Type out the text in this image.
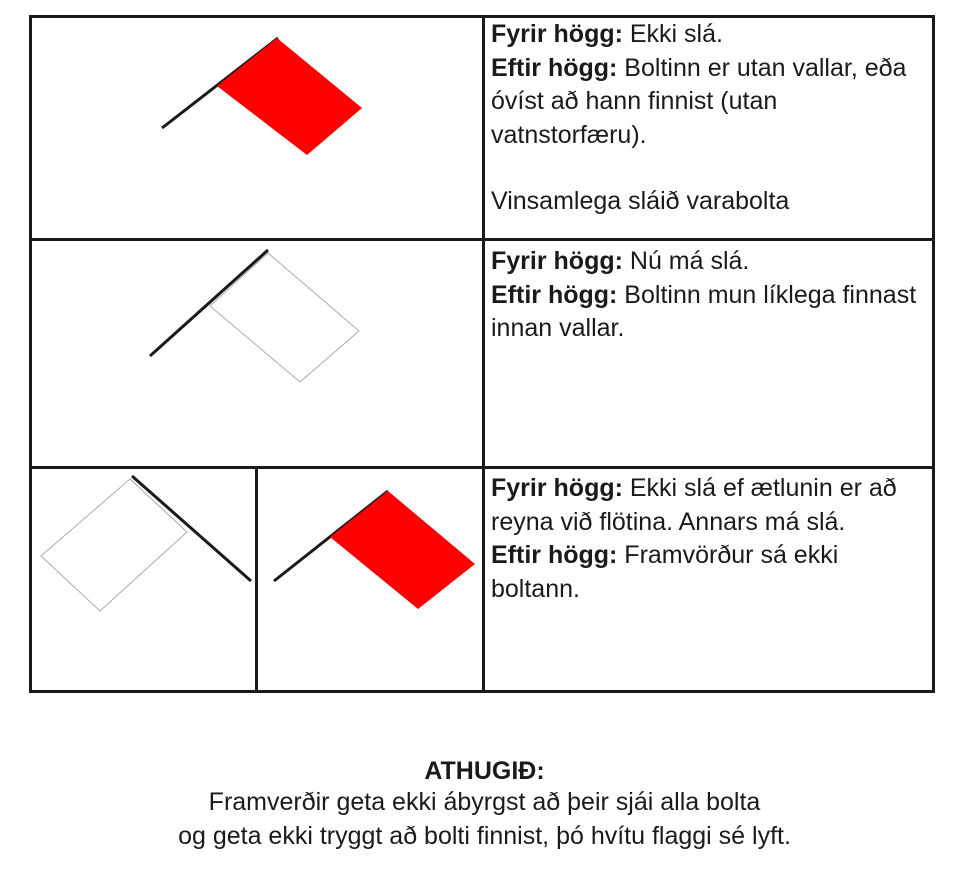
Fyrir högg: Ekki slá.

Eftir högg: Boltinn er utan vallar, eða óvíst að hann finnist (utan vatnstorfæru).

Vinsamlega sláið varabolta

Fyrir högg: Nú má slá.

Eftir högg: Boltinn mun líklega finnast innan vallar.

Fyrir högg: Ekki slá ef ætlunin er að reyna við flötina. Annars má slá.

Eftir högg: Framvörður sá ekki boltann.

ATHUGIÐ:
Framverðir geta ekki ábyrgst að þeir sjái alla bolta
og geta ekki tryggt að bolti finnist, þó hvítu flaggi sé lyft.
